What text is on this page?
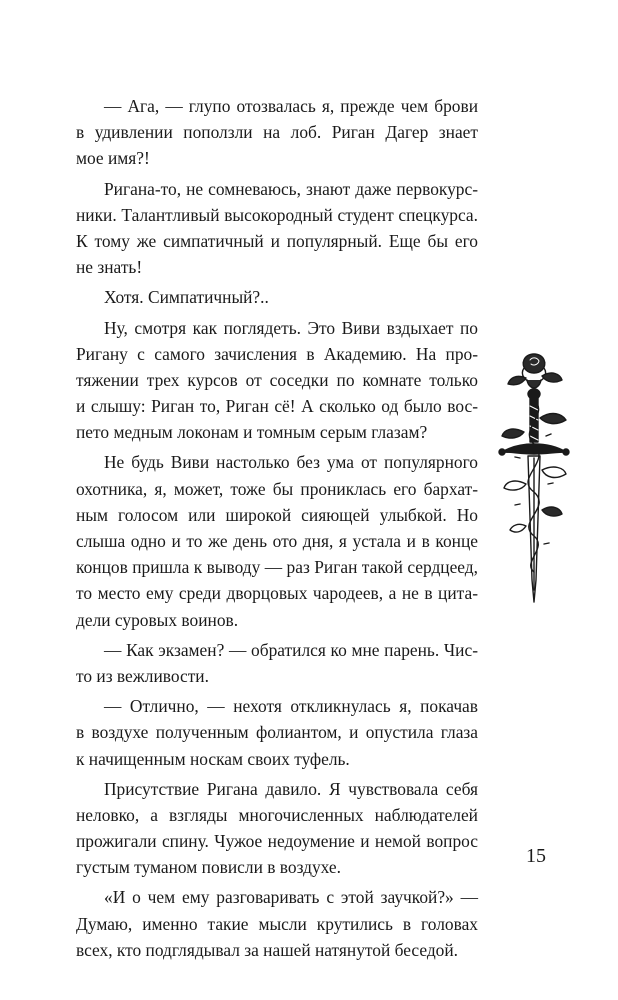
— Ага, — глупо отозвалась я, прежде чем брови
в удивлении поползли на лоб. Риган Дагер знает
мое имя?!
Ригана-то, не сомневаюсь, знают даже первокурс-
ники. Талантливый высокородный студент спецкурса.
К тому же симпатичный и популярный. Еще бы его
не знать!
Хотя. Симпатичный?..
Ну, смотря как поглядеть. Это Виви вздыхает по
Ригану с самого зачисления в Академию. На про-
тяжении трех курсов от соседки по комнате только
и слышу: Риган то, Риган сё! А сколько од было вос-
пето медным локонам и томным серым глазам?
Не будь Виви настолько без ума от популярного
охотника, я, может, тоже бы прониклась его бархат-
ным голосом или широкой сияющей улыбкой. Но
слыша одно и то же день ото дня, я устала и в конце
концов пришла к выводу — раз Риган такой сердцеед,
то место ему среди дворцовых чародеев, а не в цита-
дели суровых воинов.
— Как экзамен? — обратился ко мне парень. Чис-
то из вежливости.
— Отлично, — нехотя откликнулась я, покачав
в воздухе полученным фолиантом, и опустила глаза
к начищенным носкам своих туфель.
Присутствие Ригана давило. Я чувствовала себя
неловко, а взгляды многочисленных наблюдателей
прожигали спину. Чужое недоумение и немой вопрос
густым туманом повисли в воздухе.
«И о чем ему разговаривать с этой заучкой?» —
Думаю, именно такие мысли крутились в головах
всех, кто подглядывал за нашей натянутой беседой.
15
